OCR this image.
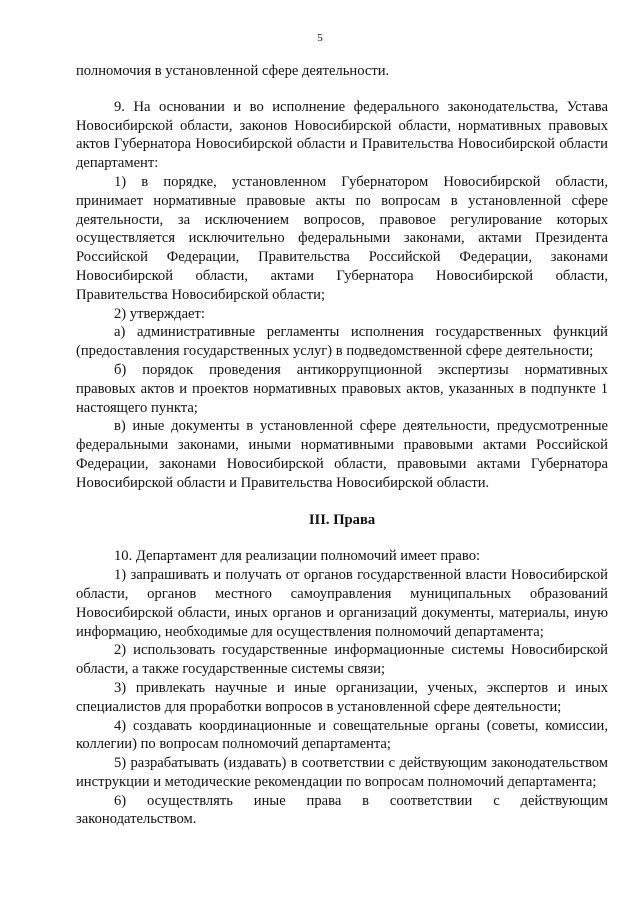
5

полномочия в установленной сфере деятельности.

9. На основании и во исполнение федерального законодательства, Устава Новосибирской области, законов Новосибирской области, нормативных правовых актов Губернатора Новосибирской области и Правительства Новосибирской области департамент:

1) в порядке, установленном Губернатором Новосибирской области, принимает нормативные правовые акты по вопросам в установленной сфере деятельности, за исключением вопросов, правовое регулирование которых осуществляется исключительно федеральными законами, актами Президента Российской Федерации, Правительства Российской Федерации, законами Новосибирской области, актами Губернатора Новосибирской области, Правительства Новосибирской области;

2) утверждает:

а) административные регламенты исполнения государственных функций (предоставления государственных услуг) в подведомственной сфере деятельности;

б) порядок проведения антикоррупционной экспертизы нормативных правовых актов и проектов нормативных правовых актов, указанных в подпункте 1 настоящего пункта;

в) иные документы в установленной сфере деятельности, предусмотренные федеральными законами, иными нормативными правовыми актами Российской Федерации, законами Новосибирской области, правовыми актами Губернатора Новосибирской области и Правительства Новосибирской области.

III. Права

10. Департамент для реализации полномочий имеет право:

1) запрашивать и получать от органов государственной власти Новосибирской области, органов местного самоуправления муниципальных образований Новосибирской области, иных органов и организаций документы, материалы, иную информацию, необходимые для осуществления полномочий департамента;

2) использовать государственные информационные системы Новосибирской области, а также государственные системы связи;

3) привлекать научные и иные организации, ученых, экспертов и иных специалистов для проработки вопросов в установленной сфере деятельности;

4) создавать координационные и совещательные органы (советы, комиссии, коллегии) по вопросам полномочий департамента;

5) разрабатывать (издавать) в соответствии с действующим законодательством инструкции и методические рекомендации по вопросам полномочий департамента;

6) осуществлять иные права в соответствии с действующим законодательством.
